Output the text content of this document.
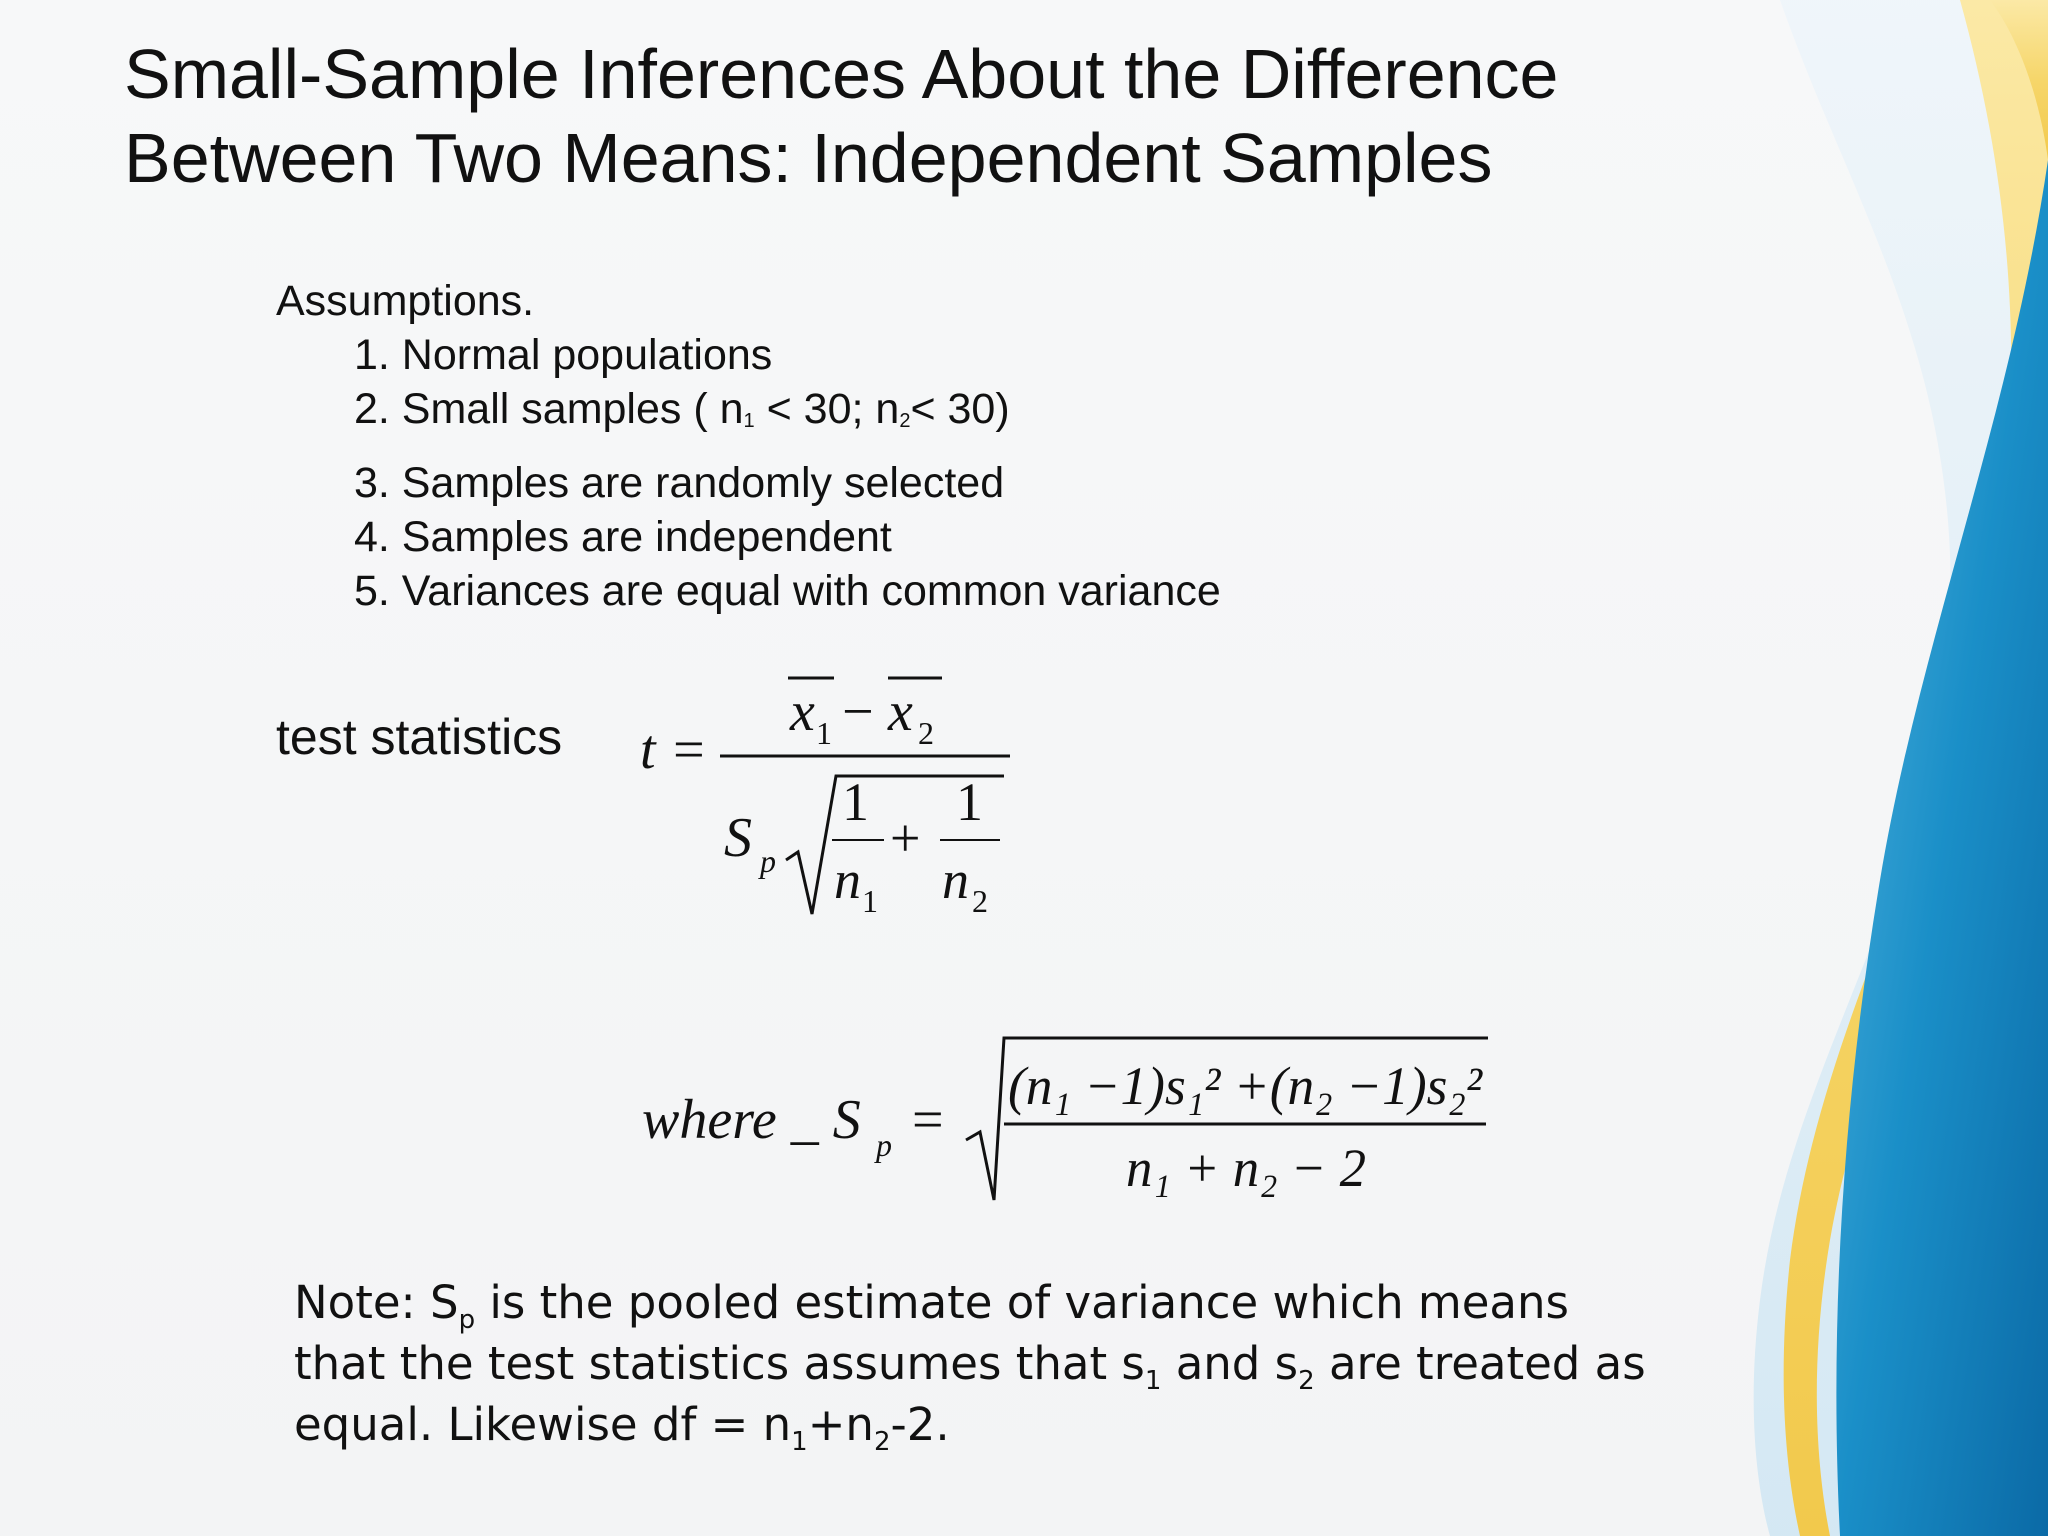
Small-Sample Inferences About the Difference Between Two Means: Independent Samples
Assumptions.
1. Normal populations
2. Small samples ( n1 < 30; n2< 30)
3. Samples are randomly selected
4. Samples are independent
5. Variances are equal with common variance
test statistics t =
x 1 − x 2
S p
1
n 1
+
1
n 2
where _ S p =
(n₁ −1)s₁² +(n₂ −1)s₂²
n₁ + n₂ − 2
Note: $S_p$ is the pooled estimate of variance which means that the test statistics assumes that $s_1$ and $s_2$ are treated as equal. Likewise df = $n_1+n_2-2$.
